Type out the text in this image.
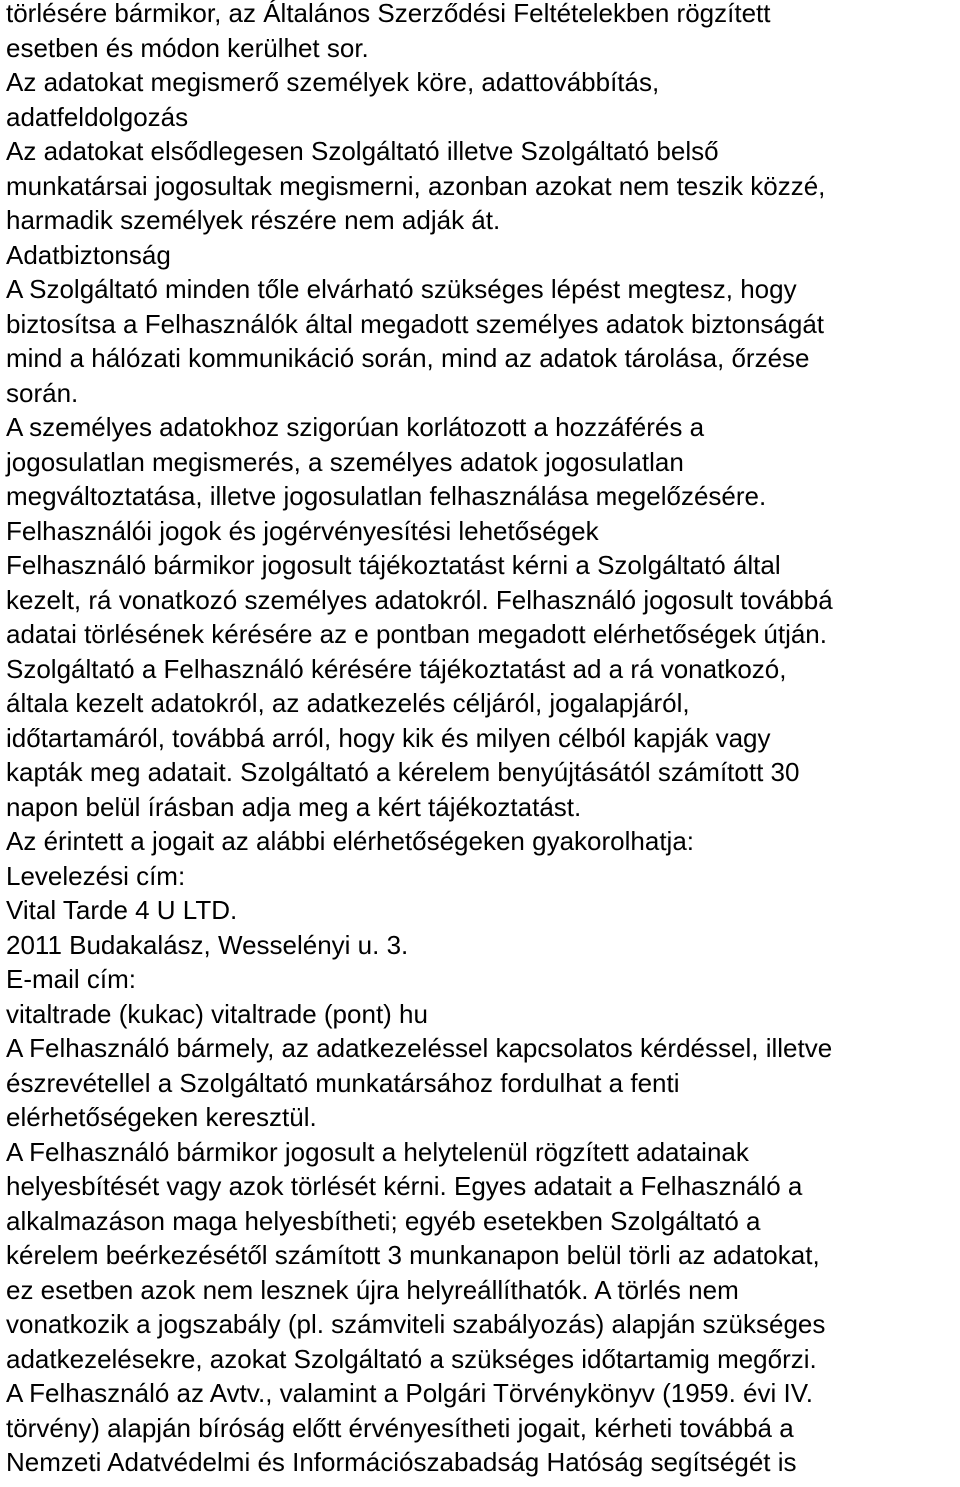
törlésére bármikor, az Általános Szerződési Feltételekben rögzített
esetben és módon kerülhet sor.
Az adatokat megismerő személyek köre, adattovábbítás,
adatfeldolgozás
Az adatokat elsődlegesen Szolgáltató illetve Szolgáltató belső
munkatársai jogosultak megismerni, azonban azokat nem teszik közzé,
harmadik személyek részére nem adják át.
Adatbiztonság
A Szolgáltató minden tőle elvárható szükséges lépést megtesz, hogy
biztosítsa a Felhasználók által megadott személyes adatok biztonságát
mind a hálózati kommunikáció során, mind az adatok tárolása, őrzése
során.
A személyes adatokhoz szigorúan korlátozott a hozzáférés a
jogosulatlan megismerés, a személyes adatok jogosulatlan
megváltoztatása, illetve jogosulatlan felhasználása megelőzésére.
Felhasználói jogok és jogérvényesítési lehetőségek
Felhasználó bármikor jogosult tájékoztatást kérni a Szolgáltató által
kezelt, rá vonatkozó személyes adatokról. Felhasználó jogosult továbbá
adatai törlésének kérésére az e pontban megadott elérhetőségek útján.
Szolgáltató a Felhasználó kérésére tájékoztatást ad a rá vonatkozó,
általa kezelt adatokról, az adatkezelés céljáról, jogalapjáról,
időtartamáról, továbbá arról, hogy kik és milyen célból kapják vagy
kapták meg adatait. Szolgáltató a kérelem benyújtásától számított 30
napon belül írásban adja meg a kért tájékoztatást.
Az érintett a jogait az alábbi elérhetőségeken gyakorolhatja:
Levelezési cím:
Vital Tarde 4 U LTD.
2011 Budakalász, Wesselényi u. 3.
E-mail cím:
vitaltrade (kukac) vitaltrade (pont) hu
A Felhasználó bármely, az adatkezeléssel kapcsolatos kérdéssel, illetve
észrevétellel a Szolgáltató munkatársához fordulhat a fenti
elérhetőségeken keresztül.
A Felhasználó bármikor jogosult a helytelenül rögzített adatainak
helyesbítését vagy azok törlését kérni. Egyes adatait a Felhasználó a
alkalmazáson maga helyesbítheti; egyéb esetekben Szolgáltató a
kérelem beérkezésétől számított 3 munkanapon belül törli az adatokat,
ez esetben azok nem lesznek újra helyreállíthatók. A törlés nem
vonatkozik a jogszabály (pl. számviteli szabályozás) alapján szükséges
adatkezelésekre, azokat Szolgáltató a szükséges időtartamig megőrzi.
A Felhasználó az Avtv., valamint a Polgári Törvénykönyv (1959. évi IV.
törvény) alapján bíróság előtt érvényesítheti jogait, kérheti továbbá a
Nemzeti Adatvédelmi és Információszabadság Hatóság segítségét is
